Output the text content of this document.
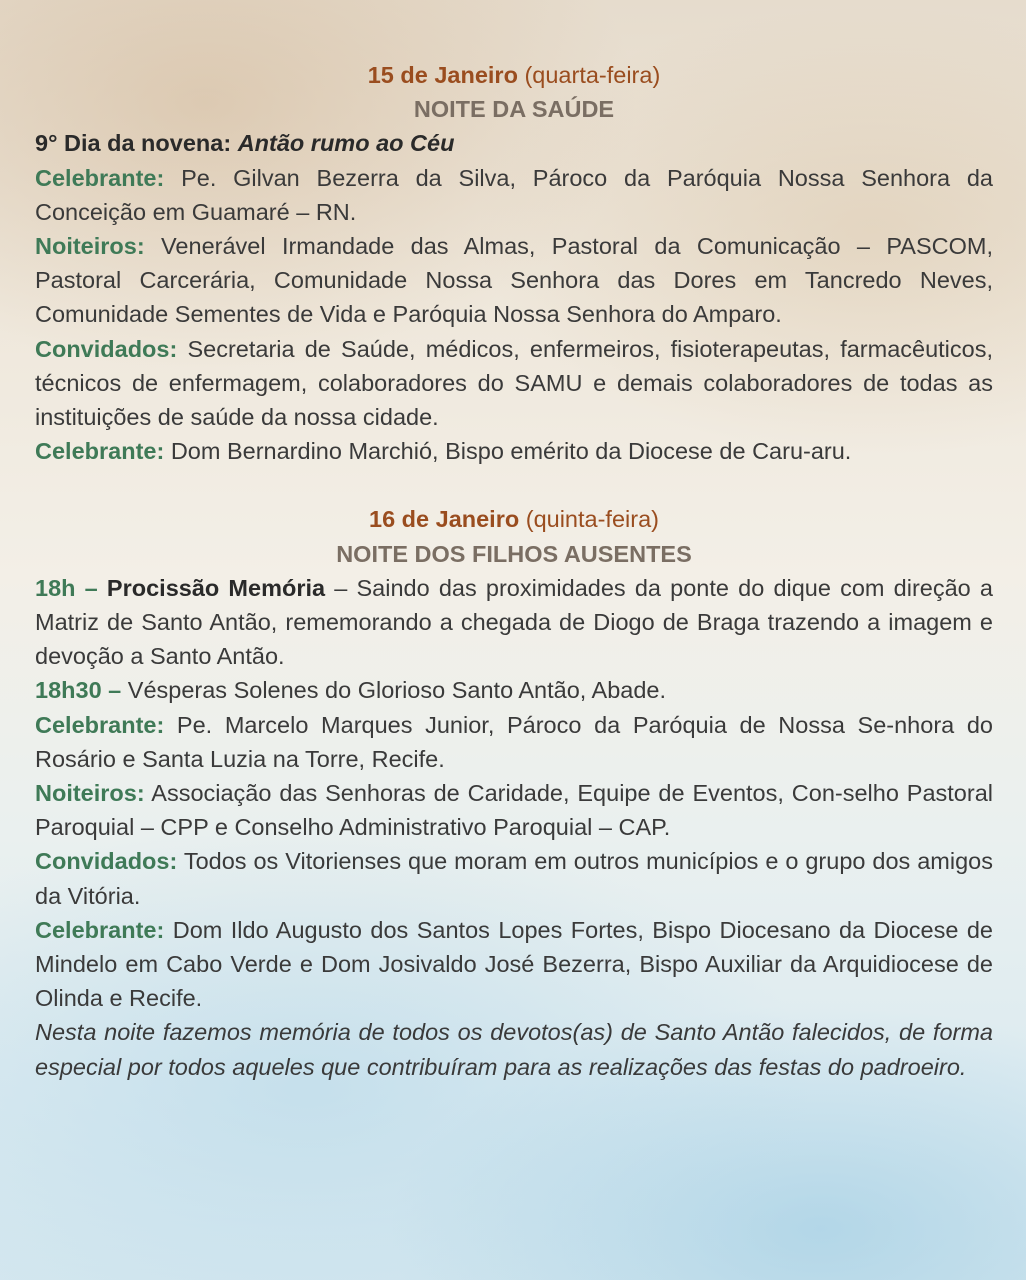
15 de Janeiro (quarta-feira)
NOITE DA SAÚDE
9° Dia da novena: Antão rumo ao Céu
Celebrante: Pe. Gilvan Bezerra da Silva, Pároco da Paróquia Nossa Senhora da Conceição em Guamaré – RN.
Noiteiros: Venerável Irmandade das Almas, Pastoral da Comunicação – PASCOM, Pastoral Carcerária, Comunidade Nossa Senhora das Dores em Tancredo Neves, Comunidade Sementes de Vida e Paróquia Nossa Senhora do Amparo.
Convidados: Secretaria de Saúde, médicos, enfermeiros, fisioterapeutas, farmacêuticos, técnicos de enfermagem, colaboradores do SAMU e demais colaboradores de todas as instituições de saúde da nossa cidade.
Celebrante: Dom Bernardino Marchió, Bispo emérito da Diocese de Caru-aru.
16 de Janeiro (quinta-feira)
NOITE DOS FILHOS AUSENTES
18h – Procissão Memória – Saindo das proximidades da ponte do dique com direção a Matriz de Santo Antão, rememorando a chegada de Diogo de Braga trazendo a imagem e devoção a Santo Antão.
18h30 – Vésperas Solenes do Glorioso Santo Antão, Abade.
Celebrante: Pe. Marcelo Marques Junior, Pároco da Paróquia de Nossa Se-nhora do Rosário e Santa Luzia na Torre, Recife.
Noiteiros: Associação das Senhoras de Caridade, Equipe de Eventos, Con-selho Pastoral Paroquial – CPP e Conselho Administrativo Paroquial – CAP.
Convidados: Todos os Vitorienses que moram em outros municípios e o grupo dos amigos da Vitória.
Celebrante: Dom Ildo Augusto dos Santos Lopes Fortes, Bispo Diocesano da Diocese de Mindelo em Cabo Verde e Dom Josivaldo José Bezerra, Bispo Auxiliar da Arquidiocese de Olinda e Recife.
Nesta noite fazemos memória de todos os devotos(as) de Santo Antão falecidos, de forma especial por todos aqueles que contribuíram para as realizações das festas do padroeiro.
